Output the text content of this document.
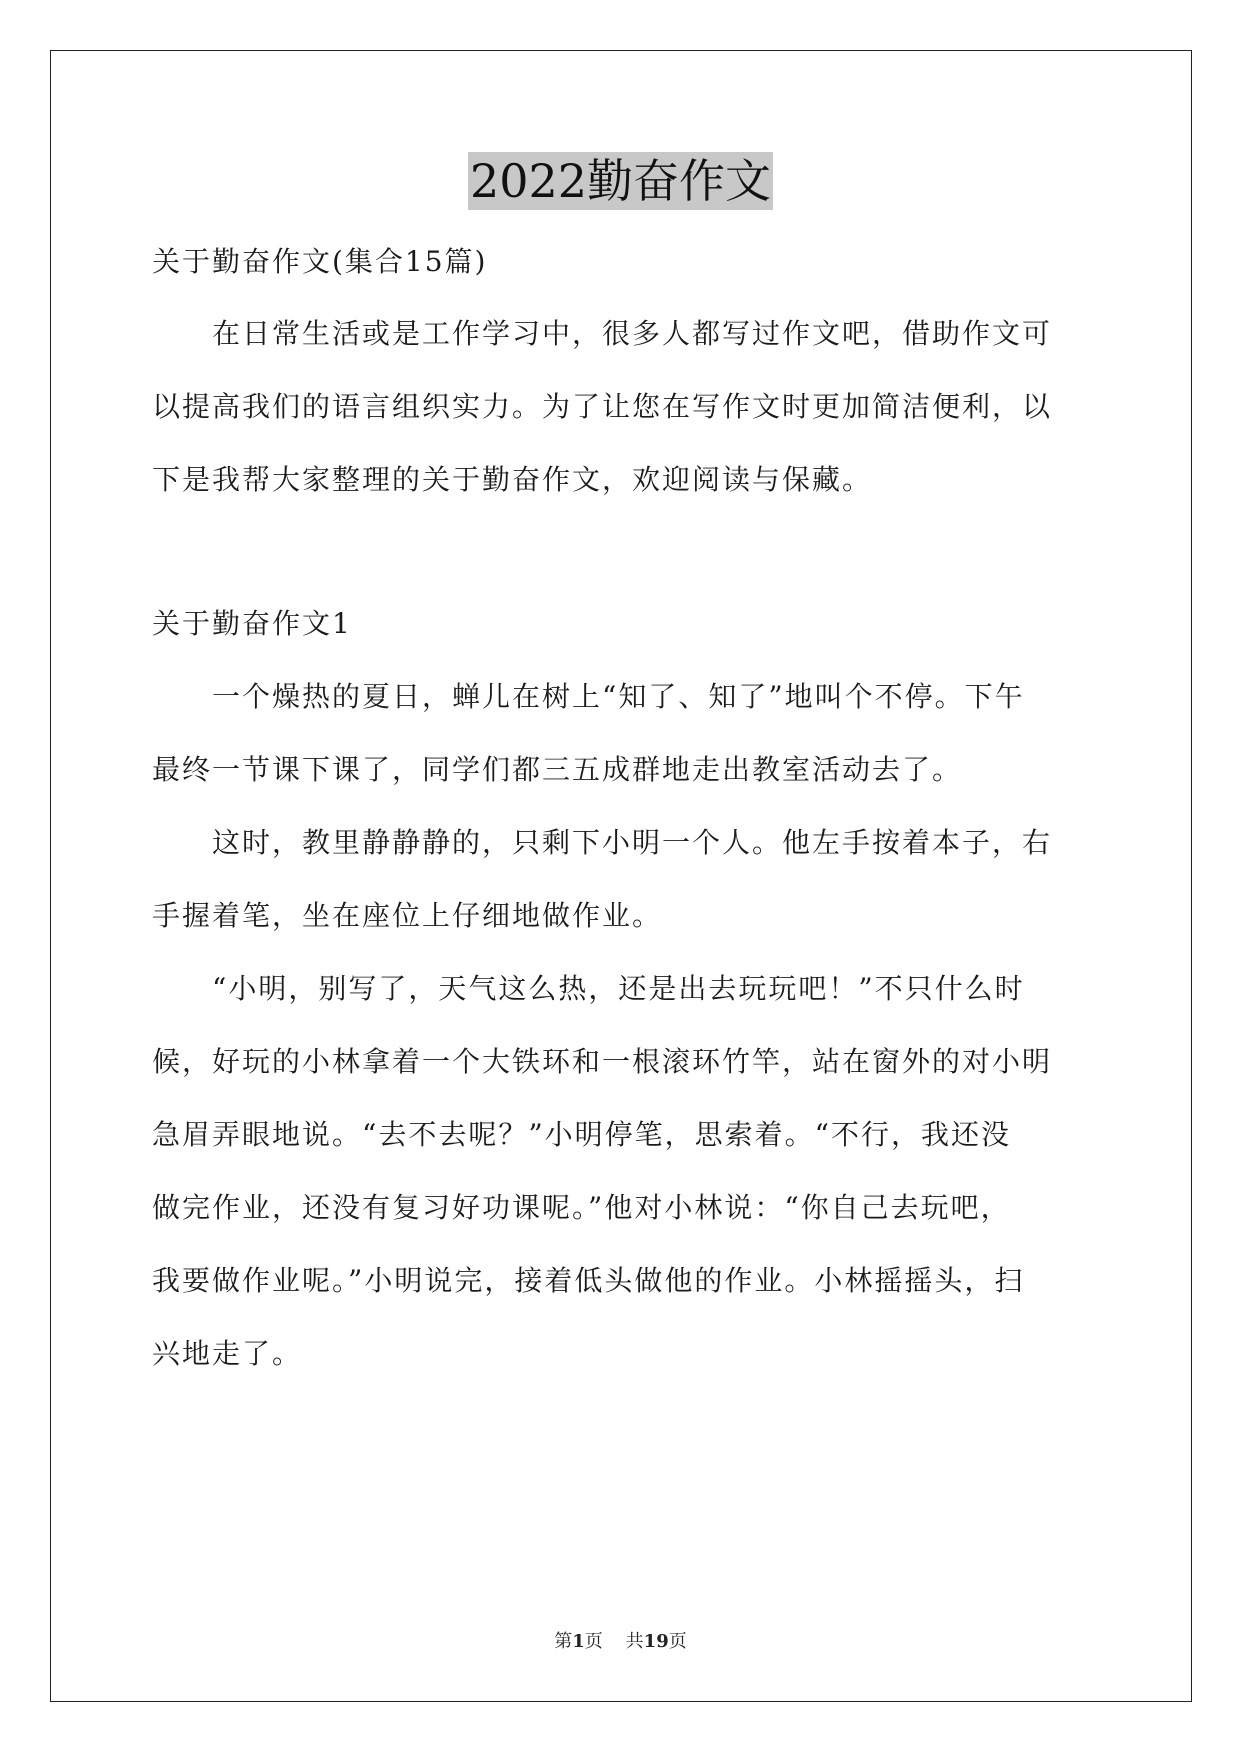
2022勤奋作文
关于勤奋作文(集合15篇)
　　在日常生活或是工作学习中，很多人都写过作文吧，借助作文可
以提高我们的语言组织实力。为了让您在写作文时更加简洁便利，以
下是我帮大家整理的关于勤奋作文，欢迎阅读与保藏。
关于勤奋作文1
　　一个燥热的夏日，蝉儿在树上“知了、知了”地叫个不停。下午
最终一节课下课了，同学们都三五成群地走出教室活动去了。
　　这时，教里静静静的，只剩下小明一个人。他左手按着本子，右
手握着笔，坐在座位上仔细地做作业。
　　“小明，别写了，天气这么热，还是出去玩玩吧！”不只什么时
候，好玩的小林拿着一个大铁环和一根滚环竹竿，站在窗外的对小明
急眉弄眼地说。“去不去呢？”小明停笔，思索着。“不行，我还没
做完作业，还没有复习好功课呢。”他对小林说：“你自己去玩吧，
我要做作业呢。”小明说完，接着低头做他的作业。小林摇摇头，扫
兴地走了。
第1页 共19页
